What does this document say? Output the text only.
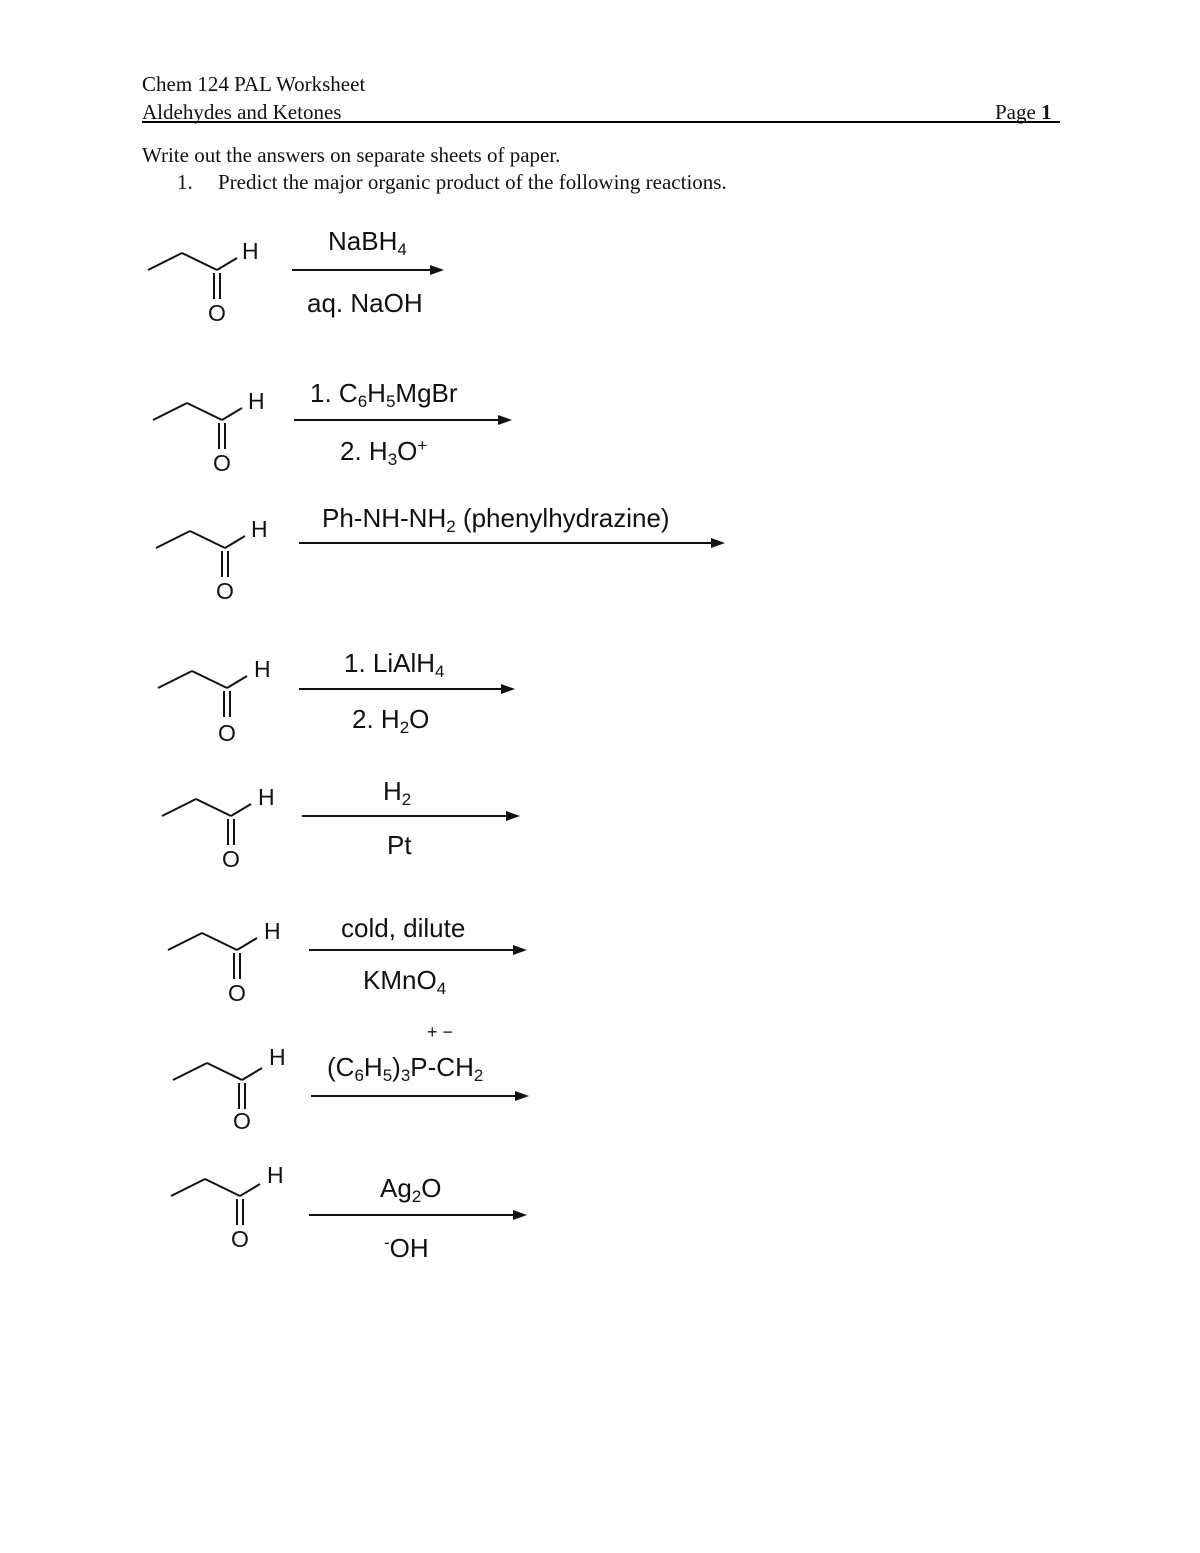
Chem 124 PAL Worksheet
Aldehydes and Ketones	Page 1
Write out the answers on separate sheets of paper.
1. Predict the major organic product of the following reactions.
H
O
NaBH$_4$
aq. NaOH
H
O
1. $C_6H_5MgBr$
2. $H_3O^+$
H
O
$Ph-NH-NH_2$ (phenylhydrazine)
H
O
1. LiAlH$_4$
2. $H_2O$
H
O
$H_2$
Pt
H
O
cold, dilute
KMnO$_4$
H
O
+ −
$(C_6H_5)_3P-CH_2$
H
O
$Ag_2O$
-OH
